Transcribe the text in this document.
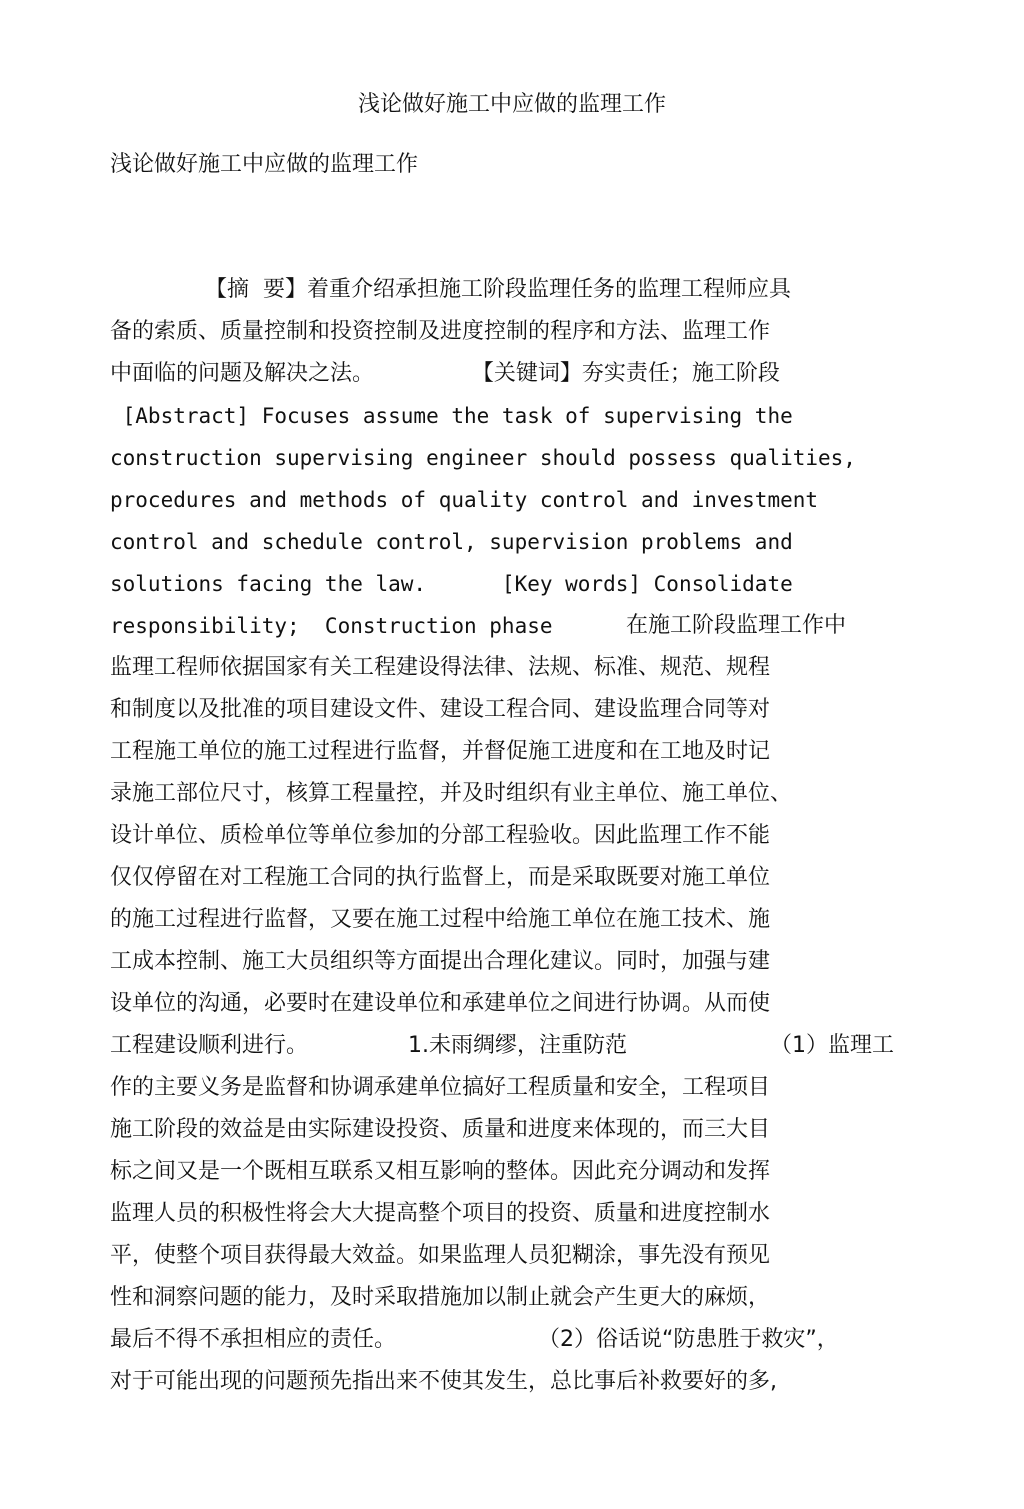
浅论做好施工中应做的监理工作
浅论做好施工中应做的监理工作
【摘  要】着重介绍承担施工阶段监理任务的监理工程师应具
备的索质、质量控制和投资控制及进度控制的程序和方法、监理工作
中面临的问题及解决之法。              【关键词】夯实责任；施工阶段
[Abstract] Focuses assume the task of supervising the
construction supervising engineer should possess qualities,
procedures and methods of quality control and investment
control and schedule control, supervision problems and
solutions facing the law.      [Key words] Consolidate
responsibility;  Construction phase	在施工阶段监理工作中
监理工程师依据国家有关工程建设得法律、法规、标准、规范、规程
和制度以及批准的项目建设文件、建设工程合同、建设监理合同等对
工程施工单位的施工过程进行监督，并督促施工进度和在工地及时记
录施工部位尺寸，核算工程量控，并及时组织有业主单位、施工单位、
设计单位、质检单位等单位参加的分部工程验收。因此监理工作不能
仅仅停留在对工程施工合同的执行监督上，而是采取既要对施工单位
的施工过程进行监督，又要在施工过程中给施工单位在施工技术、施
工成本控制、施工大员组织等方面提出合理化建议。同时，加强与建
设单位的沟通，必要时在建设单位和承建单位之间进行协调。从而使
工程建设顺利进行。	1.未雨绸缪，注重防范	（1）监理工
作的主要义务是监督和协调承建单位搞好工程质量和安全，工程项目
施工阶段的效益是由实际建设投资、质量和进度来体现的，而三大目
标之间又是一个既相互联系又相互影响的整体。因此充分调动和发挥
监理人员的积极性将会大大提高整个项目的投资、质量和进度控制水
平，使整个项目获得最大效益。如果监理人员犯糊涂，事先没有预见
性和洞察问题的能力，及时采取措施加以制止就会产生更大的麻烦，
最后不得不承担相应的责任。	（2）俗话说“防患胜于救灾”，
对于可能出现的问题预先指出来不使其发生，总比事后补救要好的多,
